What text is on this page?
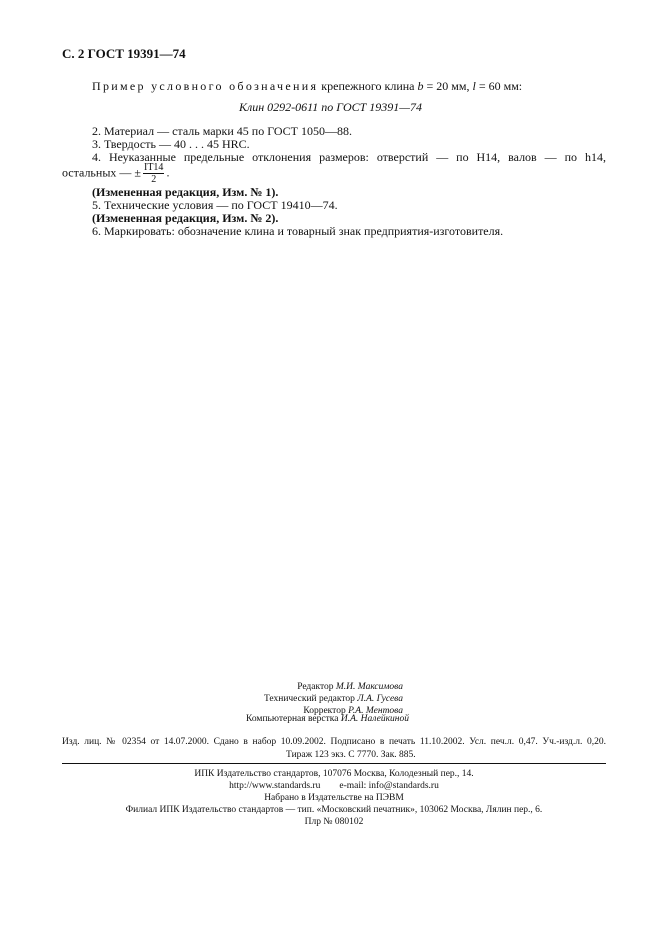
С. 2 ГОСТ 19391—74
Пример условного обозначения крепежного клина b = 20 мм, l = 60 мм:
Клин 0292-0611 по ГОСТ 19391—74
2. Материал — сталь марки 45 по ГОСТ 1050—88.
3. Твердость — 40 . . . 45 HRC.
4. Неуказанные предельные отклонения размеров: отверстий — по Н14, валов — по h14,
остальных — ± $\frac{IT14}{2}$ .
(Измененная редакция, Изм. № 1).
5. Технические условия — по ГОСТ 19410—74.
(Измененная редакция, Изм. № 2).
6. Маркировать: обозначение клина и товарный знак предприятия-изготовителя.
Редактор М.И. Максимова
Технический редактор Л.А. Гусева
Корректор Р.А. Ментова
Компьютерная верстка И.А. Налейкиной
Изд. лиц. № 02354 от 14.07.2000. Сдано в набор 10.09.2002. Подписано в печать 11.10.2002. Усл. печ.л. 0,47. Уч.-изд.л. 0,20.
Тираж 123 экз. С 7770. Зак. 885.
ИПК Издательство стандартов, 107076 Москва, Колодезный пер., 14.
http://www.standards.ru        e-mail: info@standards.ru
Набрано в Издательстве на ПЭВМ
Филиал ИПК Издательство стандартов — тип. «Московский печатник», 103062 Москва, Лялин пер., 6.
Плр № 080102
